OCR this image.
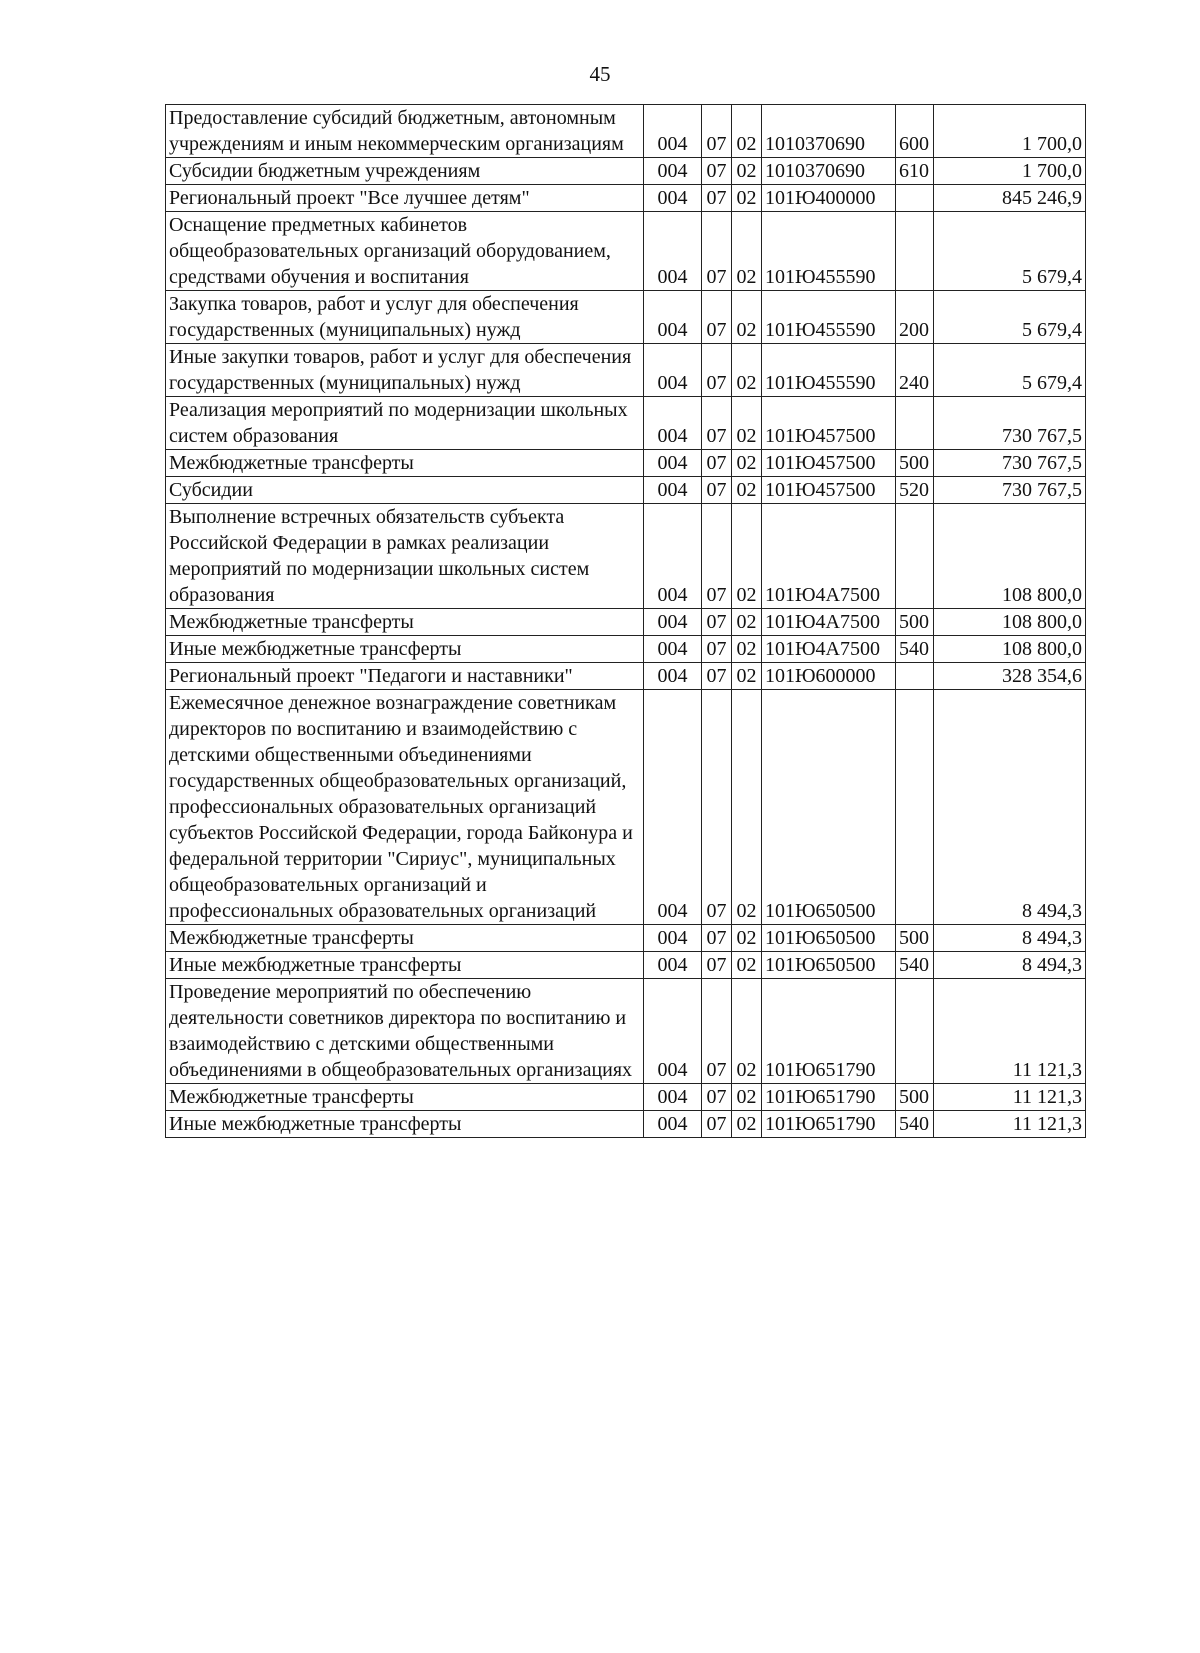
45
Предоставление субсидий бюджетным, автономным учреждениям и иным некоммерческим организациям	004	07	02	1010370690	600	1 700,0
Субсидии бюджетным учреждениям	004	07	02	1010370690	610	1 700,0
Региональный проект "Все лучшее детям"	004	07	02	101Ю400000		845 246,9
Оснащение предметных кабинетов общеобразовательных организаций оборудованием, средствами обучения и воспитания	004	07	02	101Ю455590		5 679,4
Закупка товаров, работ и услуг для обеспечения государственных (муниципальных) нужд	004	07	02	101Ю455590	200	5 679,4
Иные закупки товаров, работ и услуг для обеспечения государственных (муниципальных) нужд	004	07	02	101Ю455590	240	5 679,4
Реализация мероприятий по модернизации школьных систем образования	004	07	02	101Ю457500		730 767,5
Межбюджетные трансферты	004	07	02	101Ю457500	500	730 767,5
Субсидии	004	07	02	101Ю457500	520	730 767,5
Выполнение встречных обязательств субъекта Российской Федерации в рамках реализации мероприятий по модернизации школьных систем образования	004	07	02	101Ю4А7500		108 800,0
Межбюджетные трансферты	004	07	02	101Ю4А7500	500	108 800,0
Иные межбюджетные трансферты	004	07	02	101Ю4А7500	540	108 800,0
Региональный проект "Педагоги и наставники"	004	07	02	101Ю600000		328 354,6
Ежемесячное денежное вознаграждение советникам директоров по воспитанию и взаимодействию с детскими общественными объединениями государственных общеобразовательных организаций, профессиональных образовательных организаций субъектов Российской Федерации, города Байконура и федеральной территории "Сириус", муниципальных общеобразовательных организаций и профессиональных образовательных организаций	004	07	02	101Ю650500		8 494,3
Межбюджетные трансферты	004	07	02	101Ю650500	500	8 494,3
Иные межбюджетные трансферты	004	07	02	101Ю650500	540	8 494,3
Проведение мероприятий по обеспечению деятельности советников директора по воспитанию и взаимодействию с детскими общественными объединениями в общеобразовательных организациях	004	07	02	101Ю651790		11 121,3
Межбюджетные трансферты	004	07	02	101Ю651790	500	11 121,3
Иные межбюджетные трансферты	004	07	02	101Ю651790	540	11 121,3
